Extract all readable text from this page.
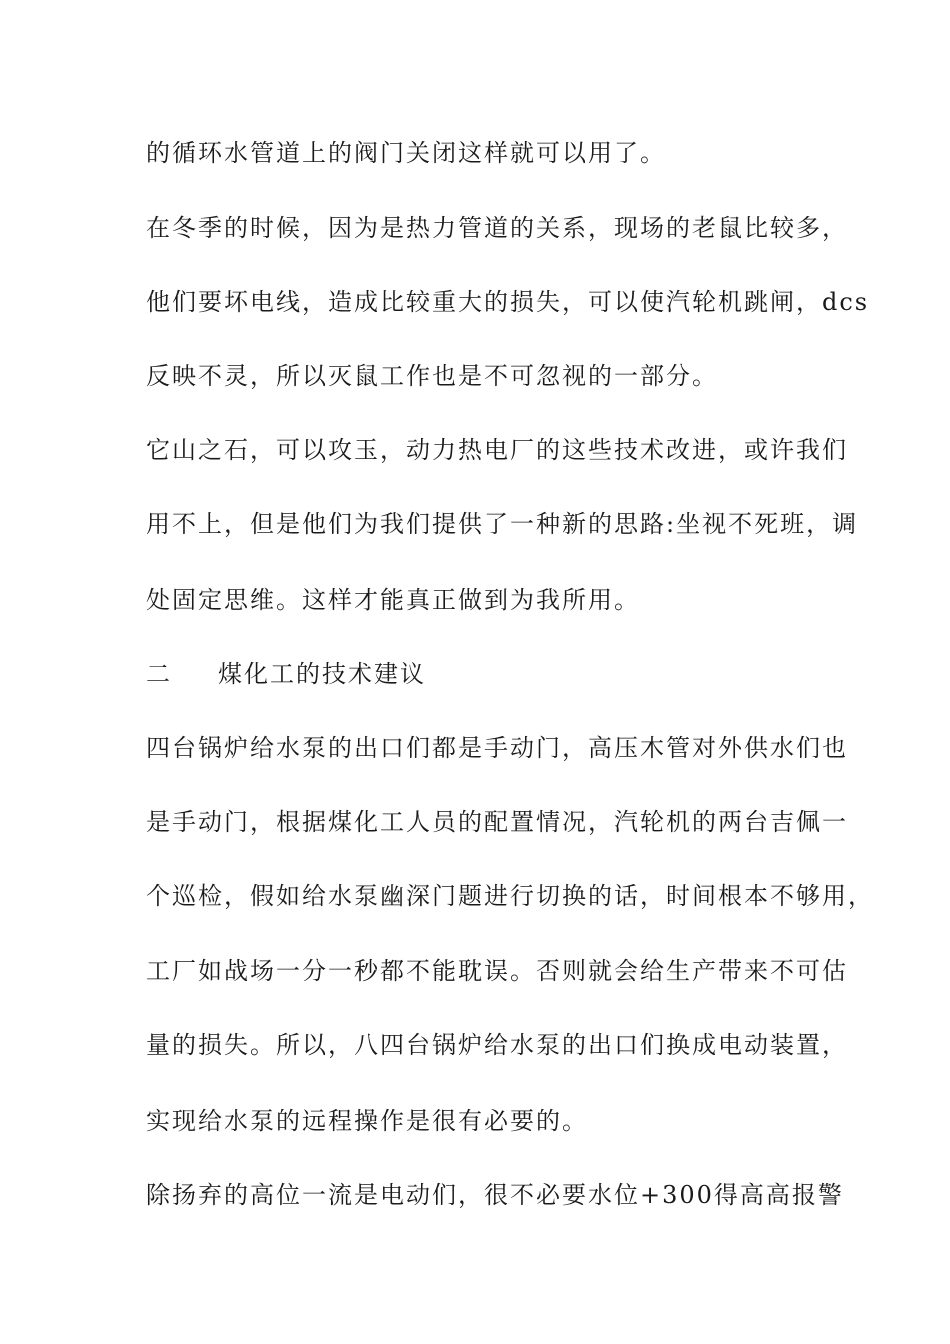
的循环水管道上的阀门关闭这样就可以用了。

在冬季的时候，因为是热力管道的关系，现场的老鼠比较多，

他们要坏电线，造成比较重大的损失，可以使汽轮机跳闸，dcs

反映不灵，所以灭鼠工作也是不可忽视的一部分。

它山之石，可以攻玉，动力热电厂的这些技术改进，或许我们

用不上，但是他们为我们提供了一种新的思路:坐视不死班，调

处固定思维。这样才能真正做到为我所用。

二 煤化工的技术建议

四台锅炉给水泵的出口们都是手动门，高压木管对外供水们也

是手动门，根据煤化工人员的配置情况，汽轮机的两台吉佩一

个巡检，假如给水泵幽深门题进行切换的话，时间根本不够用，

工厂如战场一分一秒都不能耽误。否则就会给生产带来不可估

量的损失。所以，八四台锅炉给水泵的出口们换成电动装置，

实现给水泵的远程操作是很有必要的。

除扬弃的高位一流是电动们，很不必要水位+300得高高报警
